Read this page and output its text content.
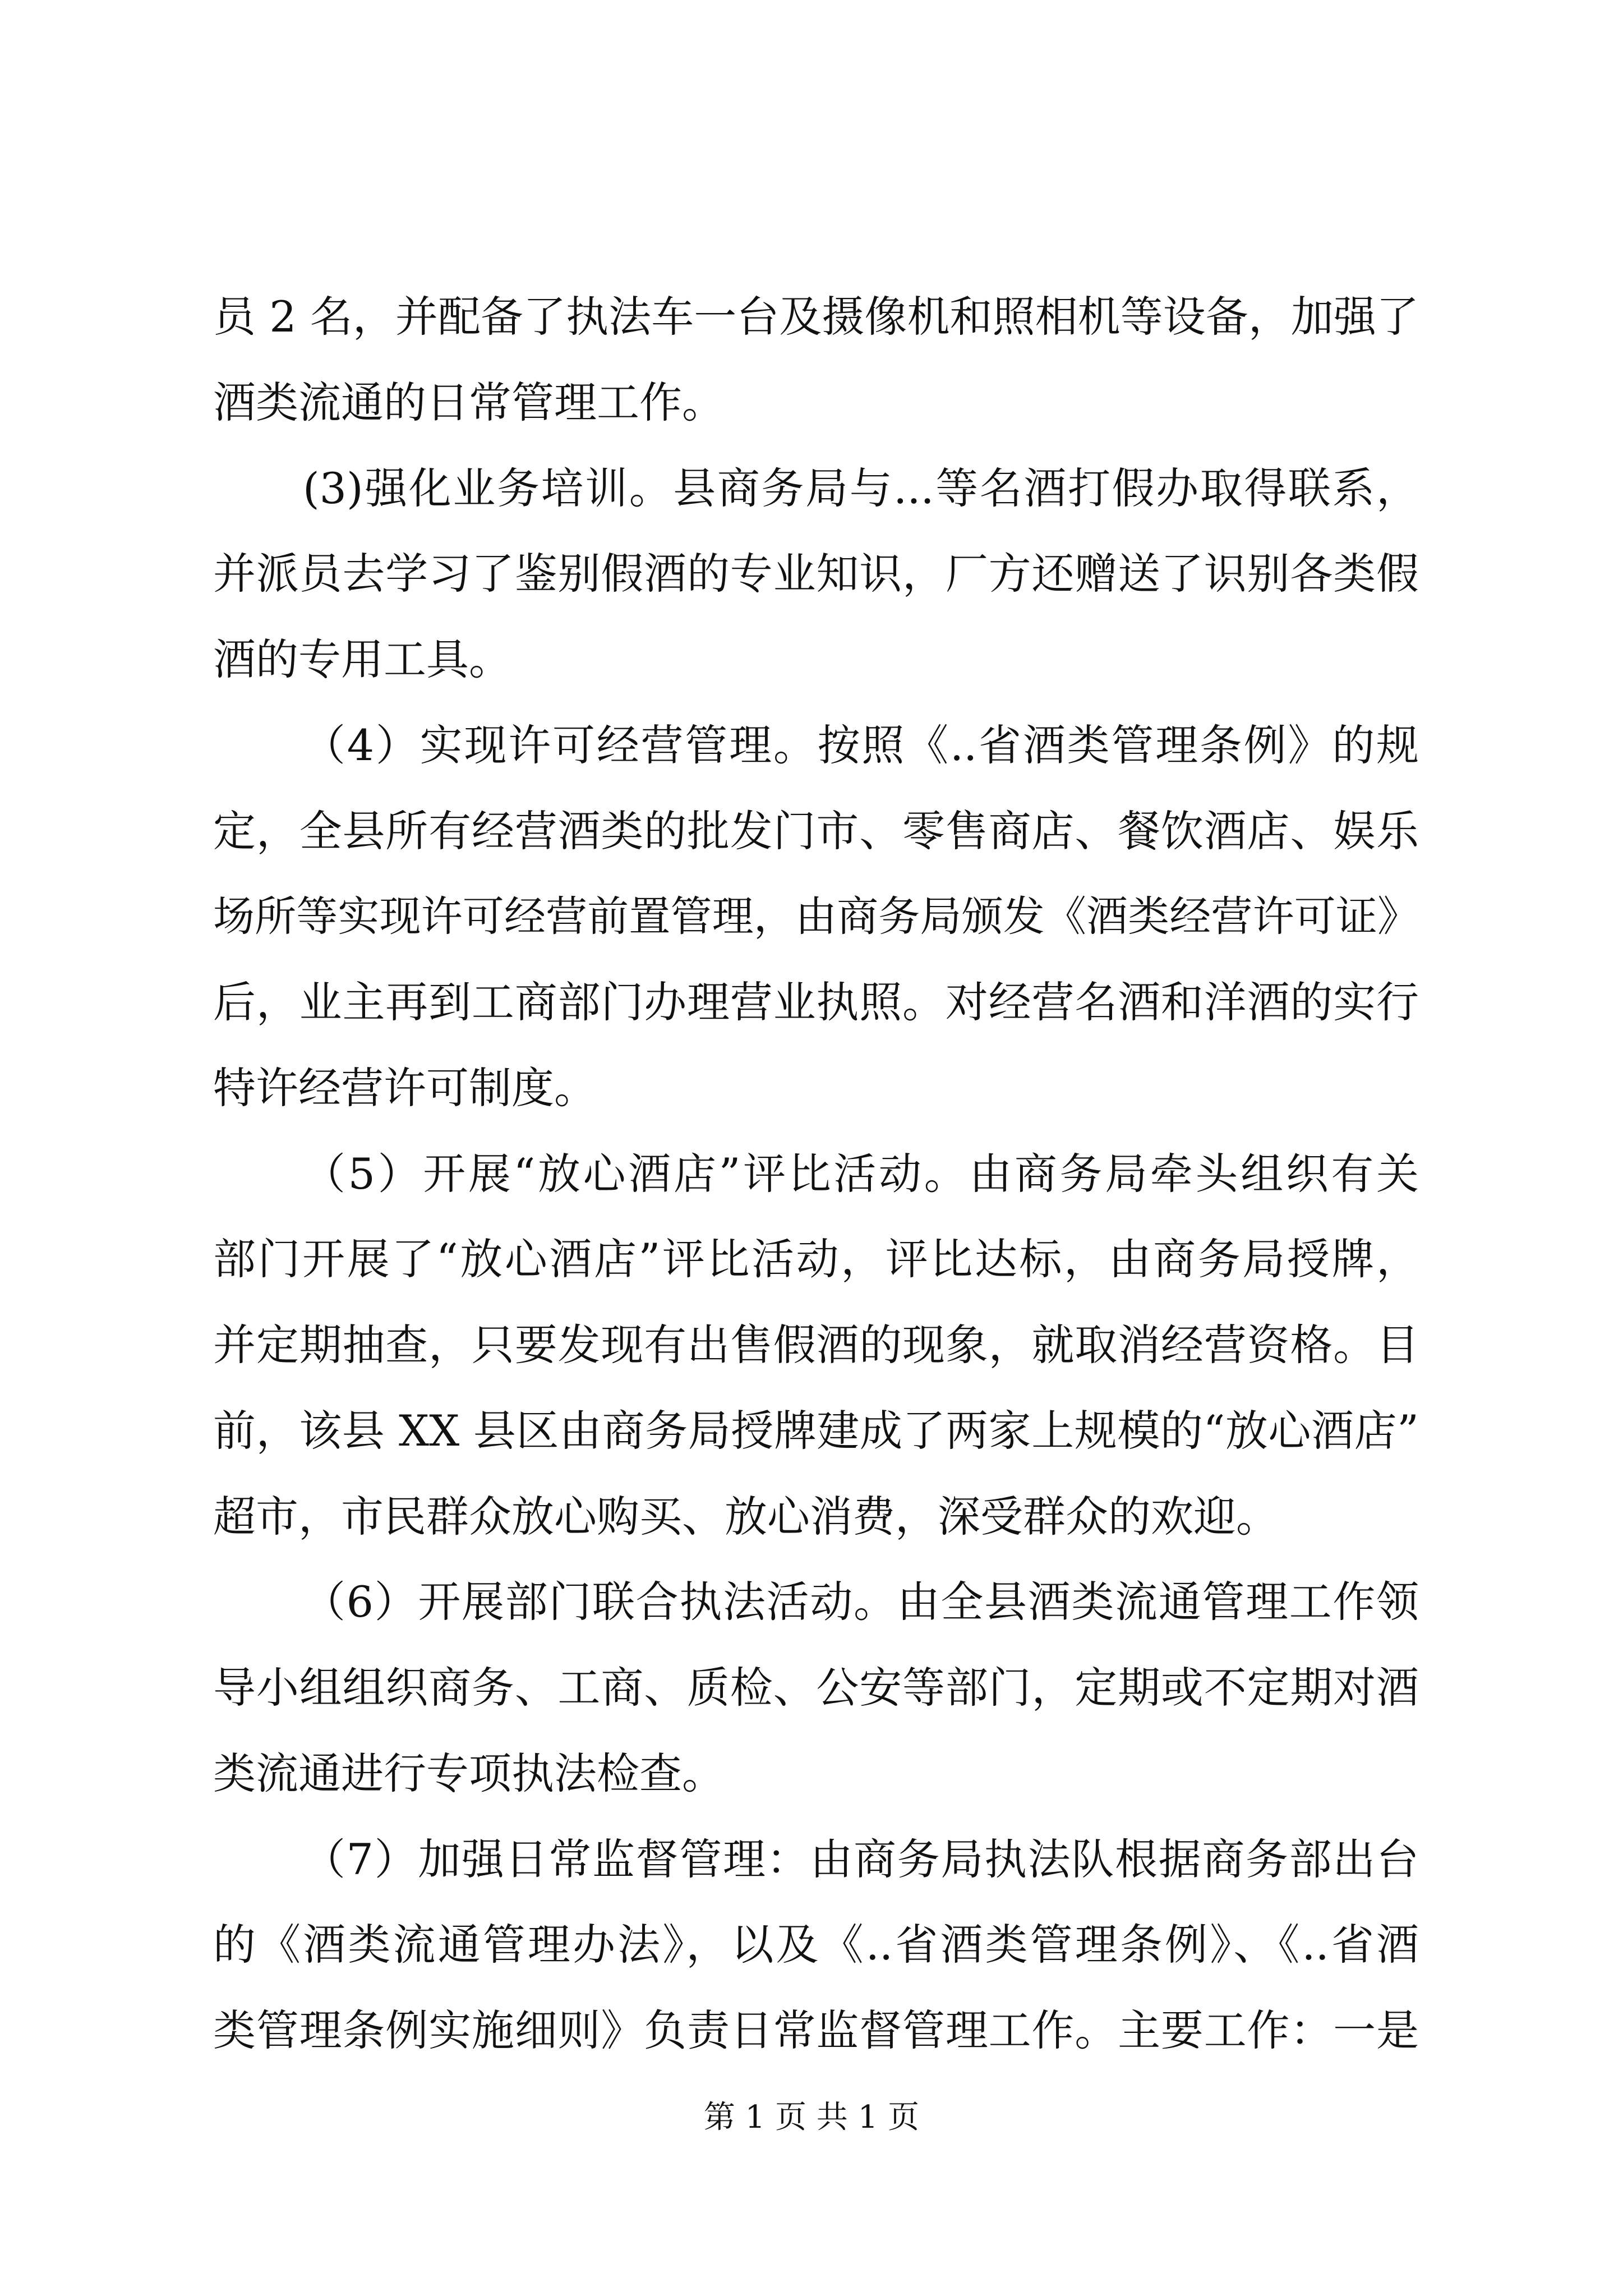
员 2 名，并配备了执法车一台及摄像机和照相机等设备，加强了
酒类流通的日常管理工作。
(3)强化业务培训。县商务局与...等名酒打假办取得联系，
并派员去学习了鉴别假酒的专业知识，厂方还赠送了识别各类假
酒的专用工具。
（4）实现许可经营管理。按照《..省酒类管理条例》的规
定，全县所有经营酒类的批发门市、零售商店、餐饮酒店、娱乐
场所等实现许可经营前置管理，由商务局颁发《酒类经营许可证》
后，业主再到工商部门办理营业执照。对经营名酒和洋酒的实行
特许经营许可制度。
（5）开展“放心酒店”评比活动。由商务局牵头组织有关
部门开展了“放心酒店”评比活动，评比达标，由商务局授牌，
并定期抽查，只要发现有出售假酒的现象，就取消经营资格。目
前，该县 XX 县区由商务局授牌建成了两家上规模的“放心酒店”
超市，市民群众放心购买、放心消费，深受群众的欢迎。
（6）开展部门联合执法活动。由全县酒类流通管理工作领
导小组组织商务、工商、质检、公安等部门，定期或不定期对酒
类流通进行专项执法检查。
（7）加强日常监督管理：由商务局执法队根据商务部出台
的《酒类流通管理办法》，以及《..省酒类管理条例》、《..省酒
类管理条例实施细则》负责日常监督管理工作。主要工作：一是
第 1 页 共 1 页
